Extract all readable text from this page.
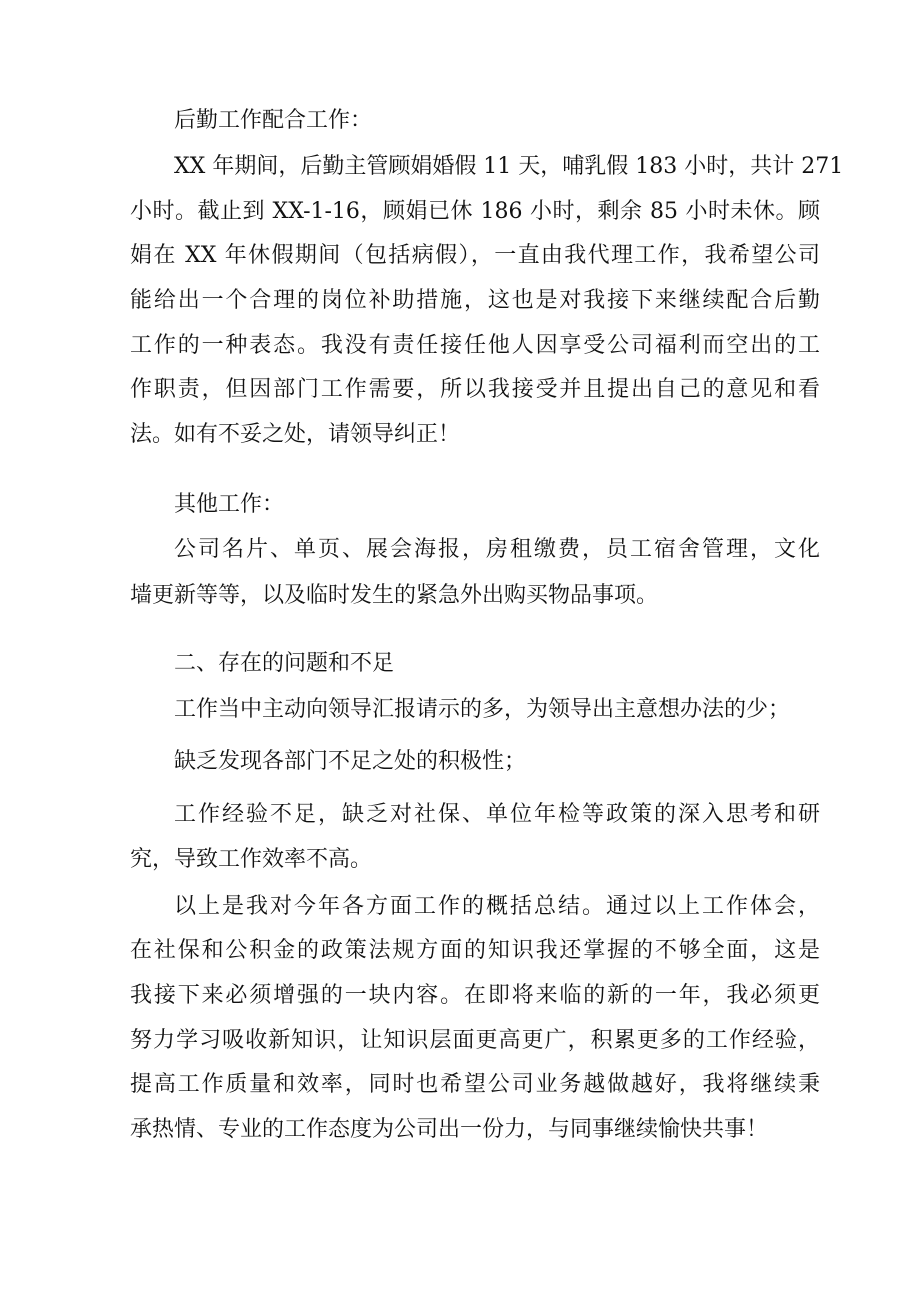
后勤工作配合工作：
XX 年期间，后勤主管顾娟婚假 11 天，哺乳假 183 小时，共计 271
小时。截止到 XX-1-16，顾娟已休 186 小时，剩余 85 小时未休。顾
娟在 XX 年休假期间（包括病假），一直由我代理工作，我希望公司
能给出一个合理的岗位补助措施，这也是对我接下来继续配合后勤
工作的一种表态。我没有责任接任他人因享受公司福利而空出的工
作职责，但因部门工作需要，所以我接受并且提出自己的意见和看
法。如有不妥之处，请领导纠正！
其他工作：
公司名片、单页、展会海报，房租缴费，员工宿舍管理，文化
墙更新等等，以及临时发生的紧急外出购买物品事项。
二、存在的问题和不足
工作当中主动向领导汇报请示的多，为领导出主意想办法的少；
缺乏发现各部门不足之处的积极性；
工作经验不足，缺乏对社保、单位年检等政策的深入思考和研
究，导致工作效率不高。
以上是我对今年各方面工作的概括总结。通过以上工作体会，
在社保和公积金的政策法规方面的知识我还掌握的不够全面，这是
我接下来必须增强的一块内容。在即将来临的新的一年，我必须更
努力学习吸收新知识，让知识层面更高更广，积累更多的工作经验，
提高工作质量和效率，同时也希望公司业务越做越好，我将继续秉
承热情、专业的工作态度为公司出一份力，与同事继续愉快共事！
